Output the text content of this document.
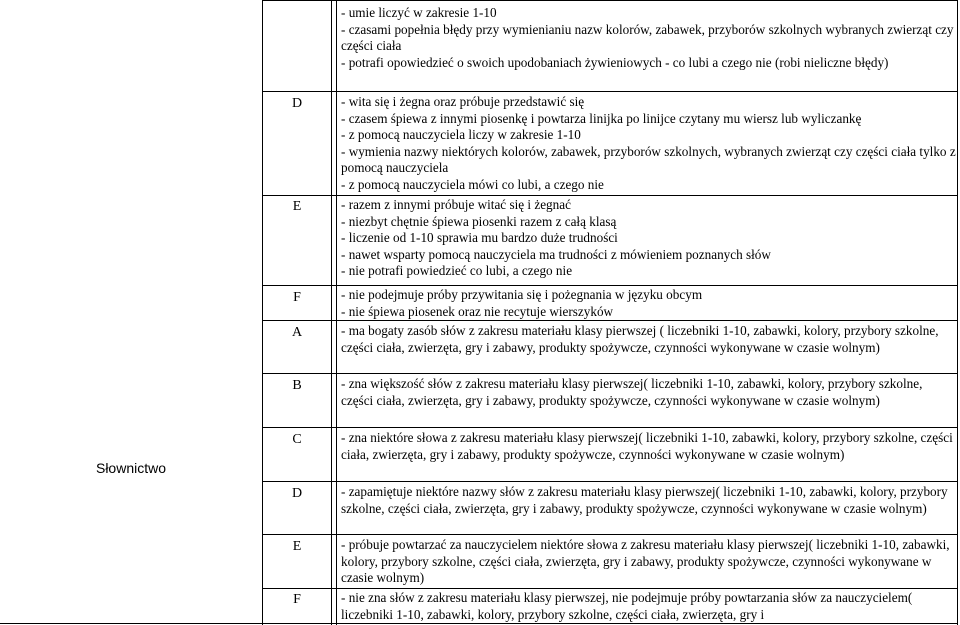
Słownictwo
- umie liczyć w zakresie 1-10
- czasami popełnia błędy przy wymienianiu nazw kolorów, zabawek, przyborów szkolnych wybranych zwierząt czy części ciała
- potrafi opowiedzieć o swoich upodobaniach żywieniowych - co lubi a czego nie (robi nieliczne błędy)
D	- wita się i żegna oraz próbuje przedstawić się
- czasem śpiewa z innymi piosenkę i powtarza linijka po linijce czytany mu wiersz lub wyliczankę
- z pomocą nauczyciela liczy w zakresie 1-10
- wymienia nazwy niektórych kolorów, zabawek, przyborów szkolnych, wybranych zwierząt czy części ciała tylko z pomocą nauczyciela
- z pomocą nauczyciela mówi co lubi, a czego nie
E	- razem z innymi próbuje witać się i żegnać
- niezbyt chętnie śpiewa piosenki razem z całą klasą
- liczenie od 1-10 sprawia mu bardzo duże trudności
- nawet wsparty pomocą nauczyciela ma trudności z mówieniem poznanych słów
- nie potrafi powiedzieć co lubi, a czego nie
F	- nie podejmuje próby przywitania się i pożegnania w języku obcym
- nie śpiewa piosenek oraz nie recytuje wierszyków
A	- ma bogaty zasób słów z zakresu materiału klasy pierwszej ( liczebniki 1-10, zabawki, kolory, przybory szkolne, części ciała, zwierzęta, gry i zabawy, produkty spożywcze, czynności wykonywane w czasie wolnym)
B	- zna większość słów z zakresu materiału klasy pierwszej( liczebniki 1-10, zabawki, kolory, przybory szkolne, części ciała, zwierzęta, gry i zabawy, produkty spożywcze, czynności wykonywane w czasie wolnym)
C	- zna niektóre słowa z zakresu materiału klasy pierwszej( liczebniki 1-10, zabawki, kolory, przybory szkolne, części ciała, zwierzęta, gry i zabawy, produkty spożywcze, czynności wykonywane w czasie wolnym)
D	- zapamiętuje niektóre nazwy słów z zakresu materiału klasy pierwszej( liczebniki 1-10, zabawki, kolory, przybory szkolne, części ciała, zwierzęta, gry i zabawy, produkty spożywcze, czynności wykonywane w czasie wolnym)
E	- próbuje powtarzać za nauczycielem niektóre słowa z zakresu materiału klasy pierwszej( liczebniki 1-10, zabawki, kolory, przybory szkolne, części ciała, zwierzęta, gry i zabawy, produkty spożywcze, czynności wykonywane w czasie wolnym)
F	- nie zna słów z zakresu materiału klasy pierwszej, nie podejmuje próby powtarzania słów za nauczycielem( liczebniki 1-10, zabawki, kolory, przybory szkolne, części ciała, zwierzęta, gry i
